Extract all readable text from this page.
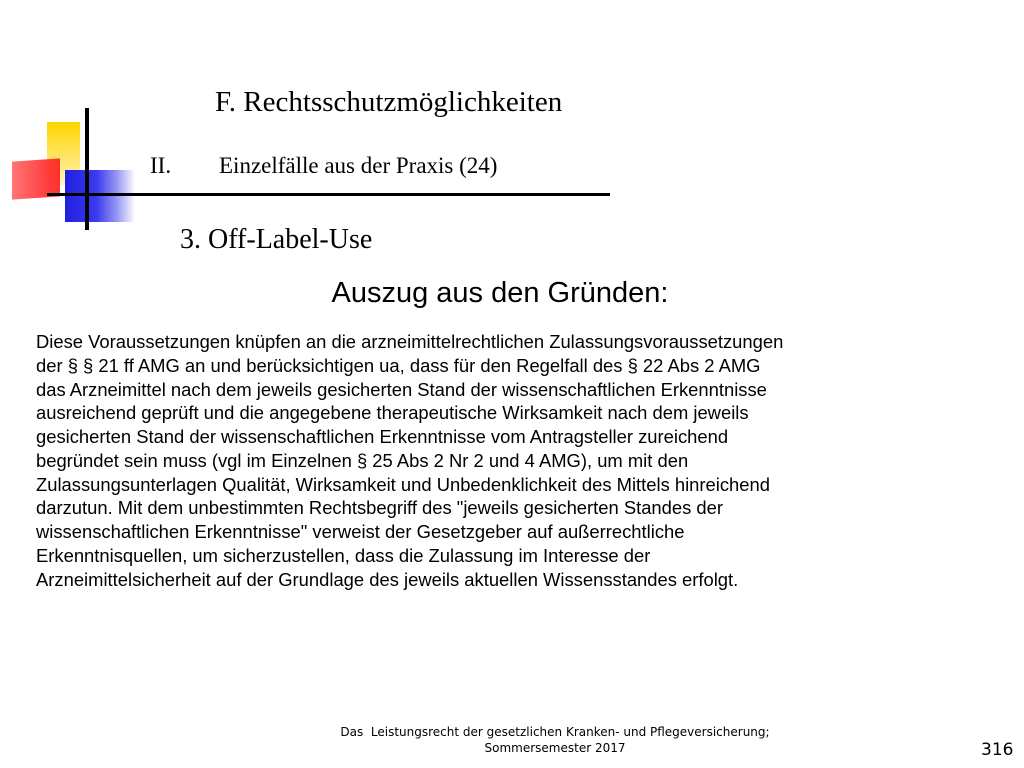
F. Rechtsschutzmöglichkeiten
II. Einzelfälle aus der Praxis (24)
3. Off-Label-Use
Auszug aus den Gründen:
Diese Voraussetzungen knüpfen an die arzneimittelrechtlichen Zulassungsvoraussetzungen
der § § 21 ff AMG an und berücksichtigen ua, dass für den Regelfall des § 22 Abs 2 AMG
das Arzneimittel nach dem jeweils gesicherten Stand der wissenschaftlichen Erkenntnisse
ausreichend geprüft und die angegebene therapeutische Wirksamkeit nach dem jeweils
gesicherten Stand der wissenschaftlichen Erkenntnisse vom Antragsteller zureichend
begründet sein muss (vgl im Einzelnen § 25 Abs 2 Nr 2 und 4 AMG), um mit den
Zulassungsunterlagen Qualität, Wirksamkeit und Unbedenklichkeit des Mittels hinreichend
darzutun. Mit dem unbestimmten Rechtsbegriff des "jeweils gesicherten Standes der
wissenschaftlichen Erkenntnisse" verweist der Gesetzgeber auf außerrechtliche
Erkenntnisquellen, um sicherzustellen, dass die Zulassung im Interesse der
Arzneimittelsicherheit auf der Grundlage des jeweils aktuellen Wissensstandes erfolgt.
Das  Leistungsrecht der gesetzlichen Kranken- und Pflegeversicherung;
Sommersemester 2017	316
